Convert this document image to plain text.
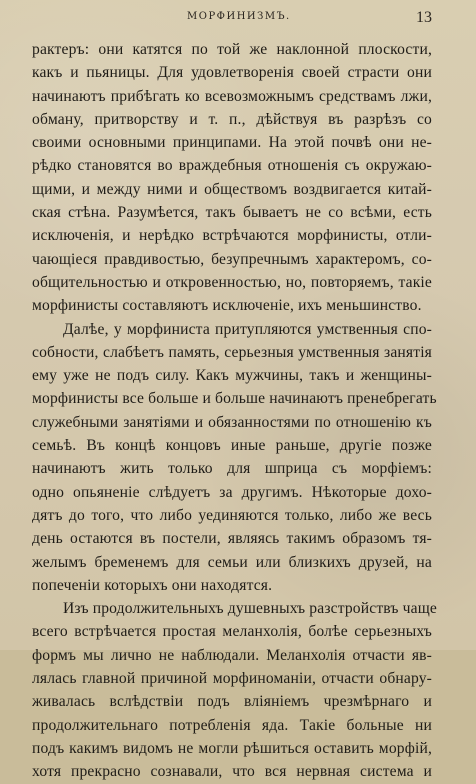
МОРФИНИЗМЪ.	13
рактеръ: они катятся по той же наклонной плоскости,
какъ и пьяницы. Для удовлетворенія своей страсти они
начинаютъ прибѣгать ко всевозможнымъ средствамъ лжи,
обману, притворству и т. п., дѣйствуя въ разрѣзъ со
своими основными принципами. На этой почвѣ они не-
рѣдко становятся во враждебныя отношенія съ окружаю-
щими, и между ними и обществомъ воздвигается китай-
ская стѣна. Разумѣется, такъ бываетъ не со всѣми, есть
исключенія, и нерѣдко встрѣчаются морфинисты, отли-
чающіеся правдивостью, безупречнымъ характеромъ, со-
общительностью и откровенностью, но, повторяемъ, такіе
морфинисты составляютъ исключеніе, ихъ меньшинство.
Далѣе, у морфиниста притупляются умственныя спо-
собности, слабѣетъ память, серьезныя умственныя занятія
ему уже не подъ силу. Какъ мужчины, такъ и женщины-
морфинисты все больше и больше начинаютъ пренебрегать
служебными занятіями и обязанностями по отношенію къ
семьѣ. Въ концѣ концовъ иные раньше, другіе позже
начинаютъ жить только для шприца съ морфіемъ:
одно опьяненіе слѣдуетъ за другимъ. Нѣкоторые дохо-
дятъ до того, что либо уединяются только, либо же весь
день остаются въ постели, являясь такимъ образомъ тя-
желымъ бременемъ для семьи или близкихъ друзей, на
попеченіи которыхъ они находятся.
Изъ продолжительныхъ душевныхъ разстройствъ чаще
всего встрѣчается простая меланхолія, болѣе серьезныхъ
формъ мы лично не наблюдали. Меланхолія отчасти яв-
лялась главной причиной морфиноманіи, отчасти обнару-
живалась вслѣдствіи подъ вліяніемъ чрезмѣрнаго и
продолжительнаго потребленія яда. Такіе больные ни
подъ какимъ видомъ не могли рѣшиться оставить морфій,
хотя прекрасно сознавали, что вся нервная система и
